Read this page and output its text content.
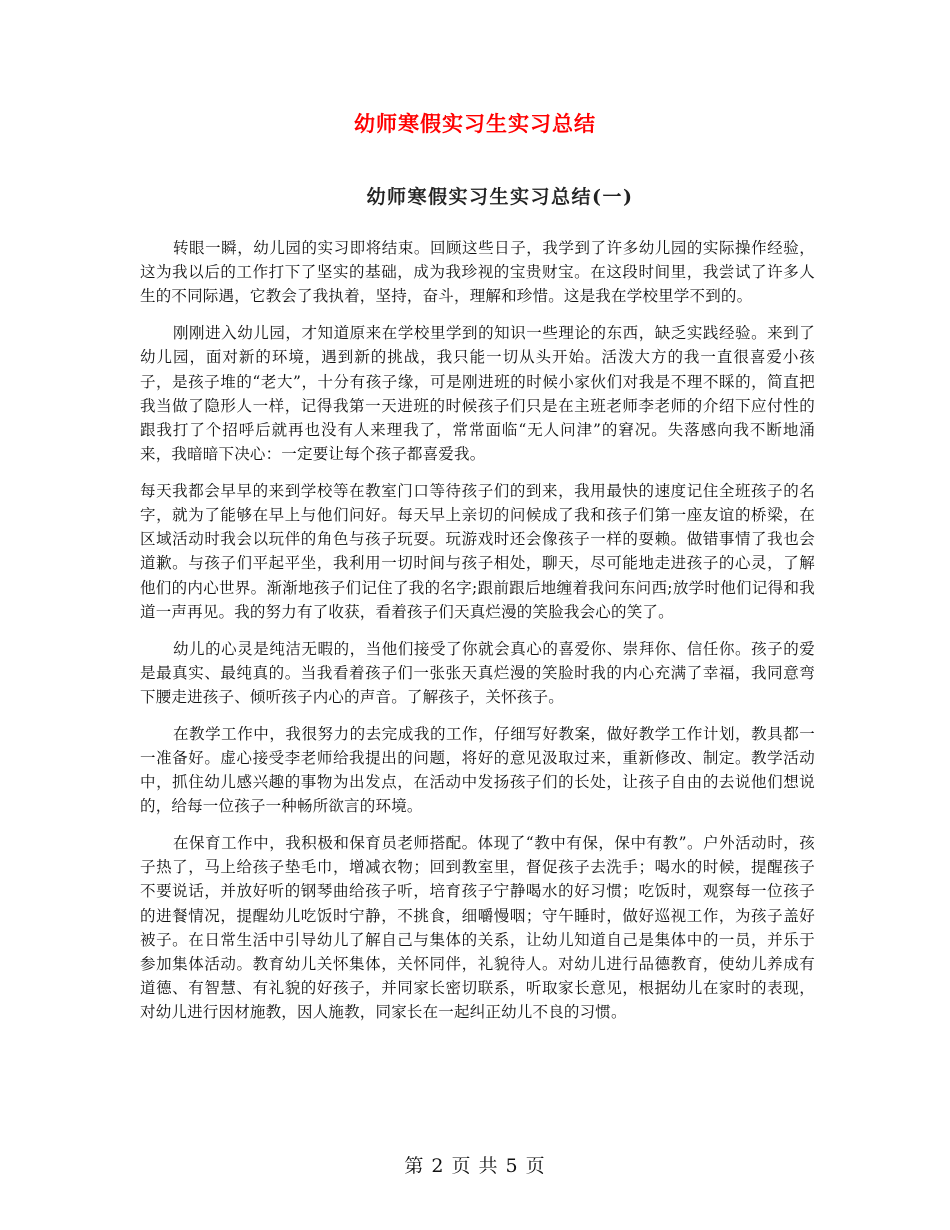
幼师寒假实习生实习总结
幼师寒假实习生实习总结(一)

转眼一瞬，幼儿园的实习即将结束。回顾这些日子，我学到了许多幼儿园的实际操作经验，这为我以后的工作打下了坚实的基础，成为我珍视的宝贵财宝。在这段时间里，我尝试了许多人生的不同际遇，它教会了我执着，坚持，奋斗，理解和珍惜。这是我在学校里学不到的。

刚刚进入幼儿园，才知道原来在学校里学到的知识一些理论的东西，缺乏实践经验。来到了幼儿园，面对新的环境，遇到新的挑战，我只能一切从头开始。活泼大方的我一直很喜爱小孩子，是孩子堆的“老大”，十分有孩子缘，可是刚进班的时候小家伙们对我是不理不睬的，简直把我当做了隐形人一样，记得我第一天进班的时候孩子们只是在主班老师李老师的介绍下应付性的跟我打了个招呼后就再也没有人来理我了，常常面临“无人问津”的窘况。失落感向我不断地涌来，我暗暗下决心：一定要让每个孩子都喜爱我。

每天我都会早早的来到学校等在教室门口等待孩子们的到来，我用最快的速度记住全班孩子的名字，就为了能够在早上与他们问好。每天早上亲切的问候成了我和孩子们第一座友谊的桥梁，在区域活动时我会以玩伴的角色与孩子玩耍。玩游戏时还会像孩子一样的耍赖。做错事情了我也会道歉。与孩子们平起平坐，我利用一切时间与孩子相处，聊天，尽可能地走进孩子的心灵，了解他们的内心世界。渐渐地孩子们记住了我的名字;跟前跟后地缠着我问东问西;放学时他们记得和我道一声再见。我的努力有了收获，看着孩子们天真烂漫的笑脸我会心的笑了。

幼儿的心灵是纯洁无暇的，当他们接受了你就会真心的喜爱你、崇拜你、信任你。孩子的爱是最真实、最纯真的。当我看着孩子们一张张天真烂漫的笑脸时我的内心充满了幸福，我同意弯下腰走进孩子、倾听孩子内心的声音。了解孩子，关怀孩子。

在教学工作中，我很努力的去完成我的工作，仔细写好教案，做好教学工作计划，教具都一一准备好。虚心接受李老师给我提出的问题，将好的意见汲取过来，重新修改、制定。教学活动中，抓住幼儿感兴趣的事物为出发点，在活动中发扬孩子们的长处，让孩子自由的去说他们想说的，给每一位孩子一种畅所欲言的环境。

在保育工作中，我积极和保育员老师搭配。体现了“教中有保，保中有教”。户外活动时，孩子热了，马上给孩子垫毛巾，增减衣物；回到教室里，督促孩子去洗手；喝水的时候，提醒孩子不要说话，并放好听的钢琴曲给孩子听，培育孩子宁静喝水的好习惯；吃饭时，观察每一位孩子的进餐情况，提醒幼儿吃饭时宁静，不挑食，细嚼慢咽；守午睡时，做好巡视工作，为孩子盖好被子。在日常生活中引导幼儿了解自己与集体的关系，让幼儿知道自己是集体中的一员，并乐于参加集体活动。教育幼儿关怀集体，关怀同伴，礼貌待人。对幼儿进行品德教育，使幼儿养成有道德、有智慧、有礼貌的好孩子，并同家长密切联系，听取家长意见，根据幼儿在家时的表现，对幼儿进行因材施教，因人施教，同家长在一起纠正幼儿不良的习惯。

第 2 页 共 5 页
